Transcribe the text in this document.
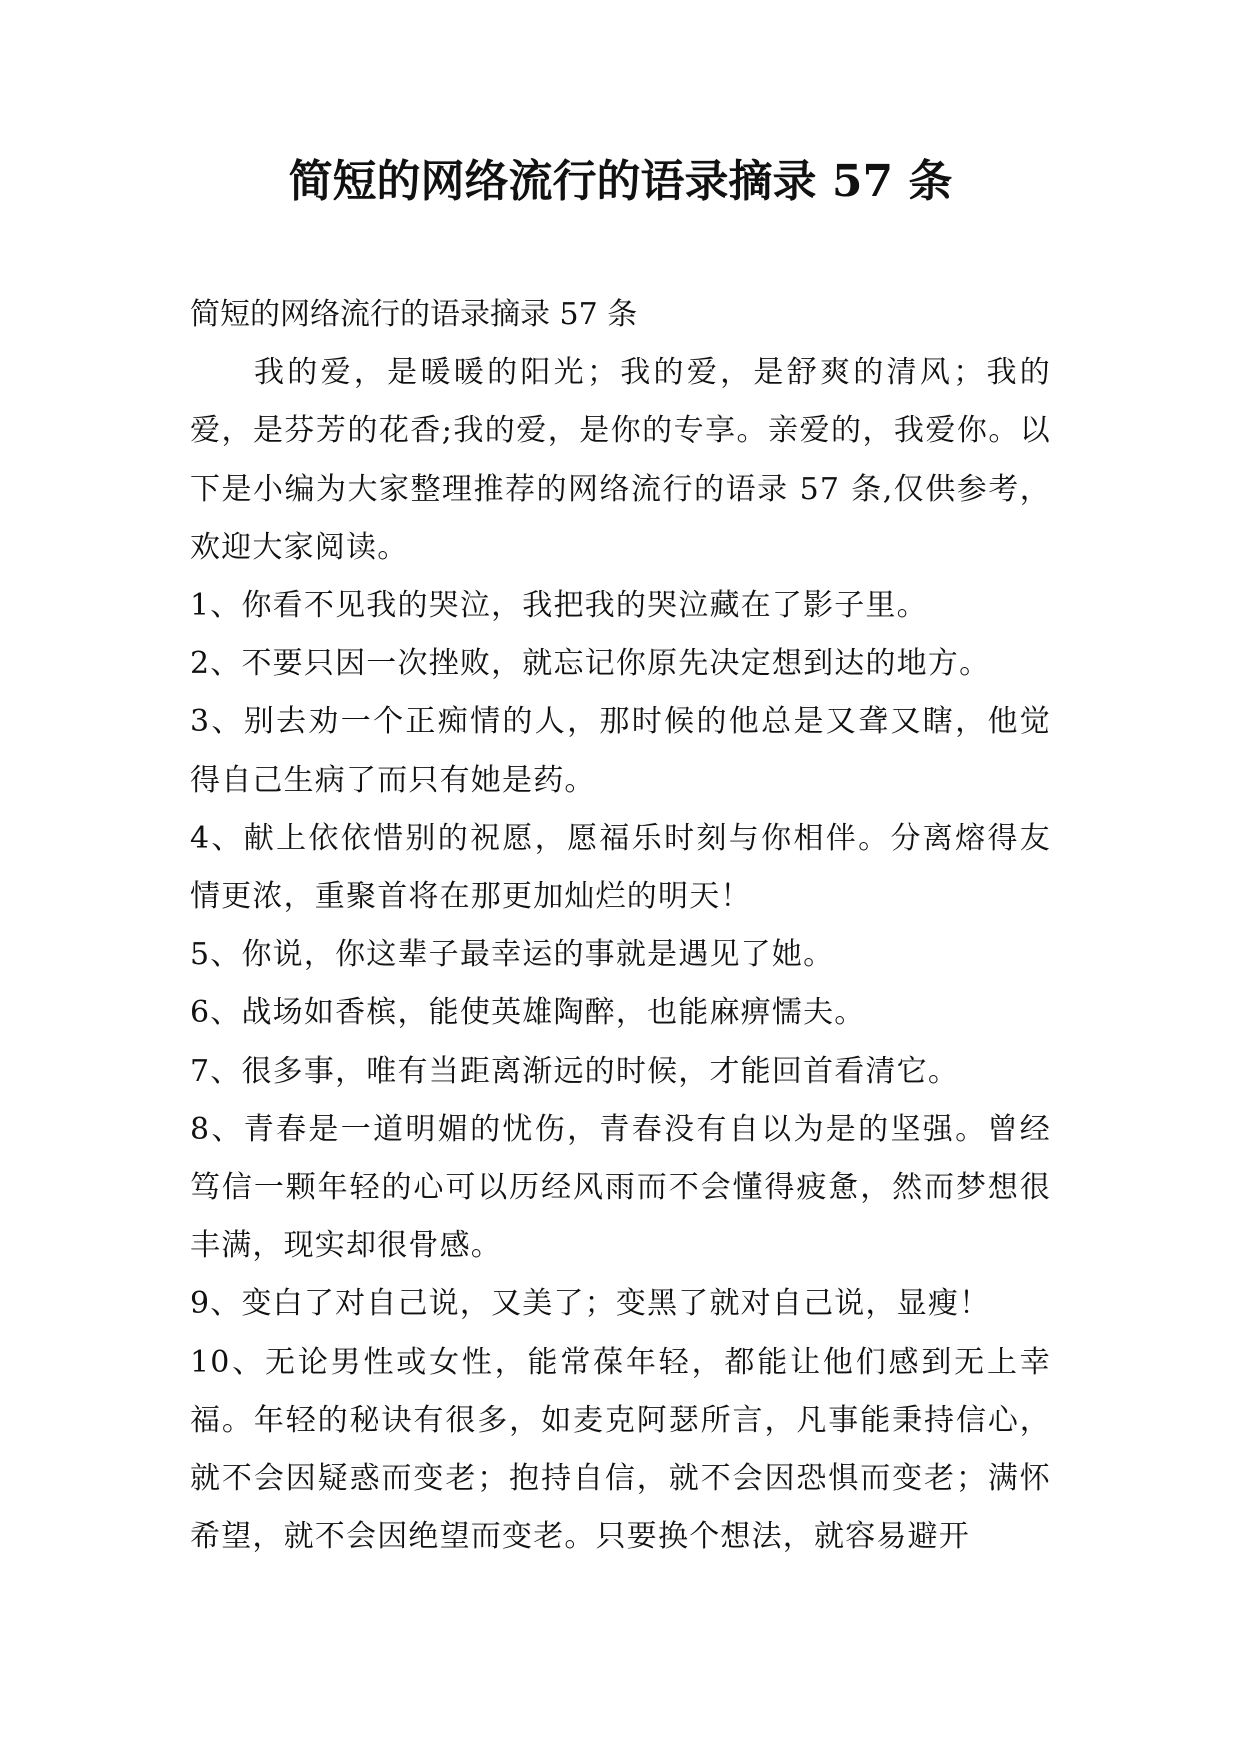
简短的网络流行的语录摘录 57 条

简短的网络流行的语录摘录 57 条

我的爱，是暖暖的阳光；我的爱，是舒爽的清风；我的爱，是芬芳的花香;我的爱，是你的专享。亲爱的，我爱你。以下是小编为大家整理推荐的网络流行的语录 57 条,仅供参考，欢迎大家阅读。

1、你看不见我的哭泣，我把我的哭泣藏在了影子里。

2、不要只因一次挫败，就忘记你原先决定想到达的地方。

3、别去劝一个正痴情的人，那时候的他总是又聋又瞎，他觉得自己生病了而只有她是药。

4、献上依依惜别的祝愿，愿福乐时刻与你相伴。分离熔得友情更浓，重聚首将在那更加灿烂的明天！

5、你说，你这辈子最幸运的事就是遇见了她。

6、战场如香槟，能使英雄陶醉，也能麻痹懦夫。

7、很多事，唯有当距离渐远的时候，才能回首看清它。

8、青春是一道明媚的忧伤，青春没有自以为是的坚强。曾经笃信一颗年轻的心可以历经风雨而不会懂得疲惫，然而梦想很丰满，现实却很骨感。

9、变白了对自己说，又美了；变黑了就对自己说，显瘦！

10、无论男性或女性，能常葆年轻，都能让他们感到无上幸福。年轻的秘诀有很多，如麦克阿瑟所言，凡事能秉持信心，就不会因疑惑而变老；抱持自信，就不会因恐惧而变老；满怀希望，就不会因绝望而变老。只要换个想法，就容易避开
